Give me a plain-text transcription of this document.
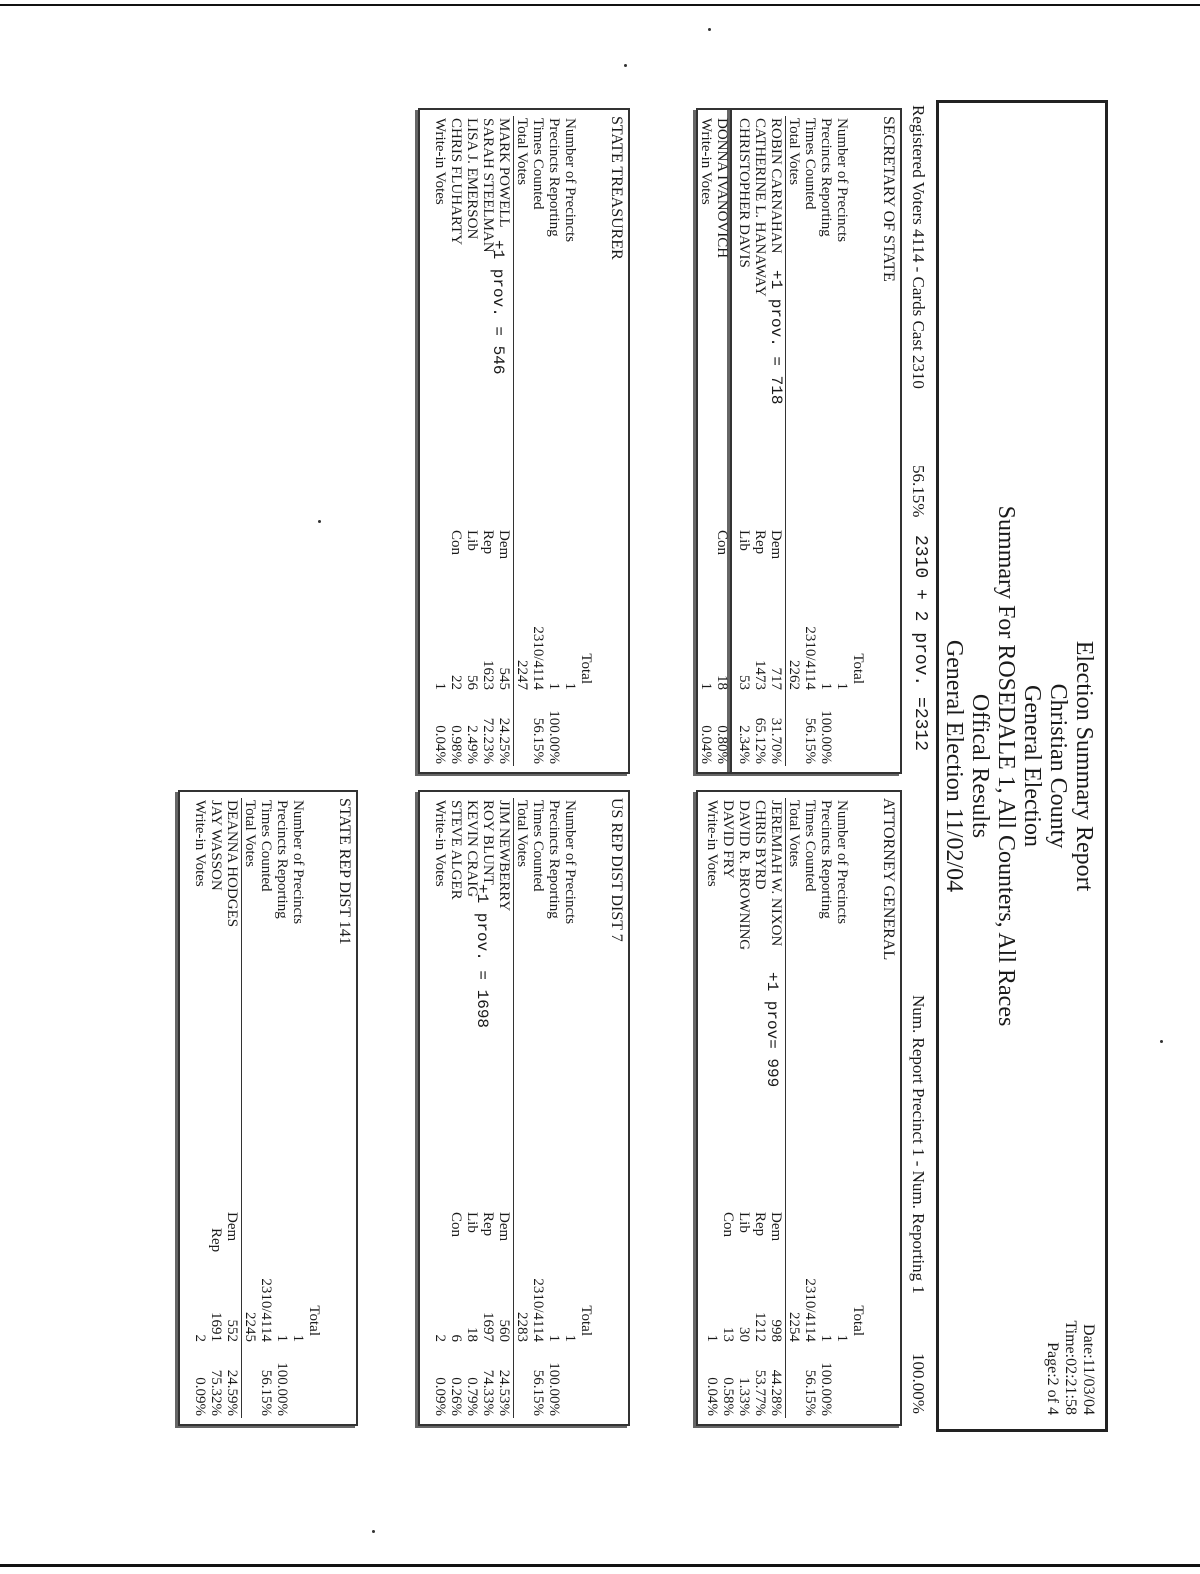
Election Summary Report
Christian County
General Election
Summary For ROSEDALE 1, All Counters, All Races
Offical Results
General Election 11/02/04
Date:11/03/04
Time:02:21:58
Page:2 of 4
Registered Voters 4114 - Cards Cast 2310
56.15%
2310 + 2 prov. =2312
Num. Report Precinct 1 - Num. Reporting 1
100.00%
SECRETARY OF STATE
Total
Number of Precincts
1
Precincts Reporting
1
100.00%
Times Counted
2310/4114
56.15%
Total Votes
2262
ROBIN CARNAHAN
+1 prov. = 718
Dem
717
31.70%
CATHERINE L. HANAWAY
Rep
1473
65.12%
CHRISTOPHER DAVIS
Lib
53
2.34%
DONNA IVANOVICH
Con
18
0.80%
Write-in Votes
1
0.04%
STATE TREASURER
Total
Number of Precincts
1
Precincts Reporting
1
100.00%
Times Counted
2310/4114
56.15%
Total Votes
2247
MARK POWELL
+1 prov. = 546
Dem
545
24.25%
SARAH STEELMAN
Rep
1623
72.23%
LISA J. EMERSON
Lib
56
2.49%
CHRIS FLUHARTY
Con
22
0.98%
Write-in Votes
1
0.04%
ATTORNEY GENERAL
Total
Number of Precincts
1
Precincts Reporting
1
100.00%
Times Counted
2310/4114
56.15%
Total Votes
2254
JEREMIAH W. NIXON
+1 prov= 999
Dem
998
44.28%
CHRIS BYRD
Rep
1212
53.77%
DAVID R. BROWNING
Lib
30
1.33%
DAVID FRY
Con
13
0.58%
Write-in Votes
1
0.04%
US REP DIST DIST 7
Total
Number of Precincts
1
Precincts Reporting
1
100.00%
Times Counted
2310/4114
56.15%
Total Votes
2283
JIM NEWBERRY
Dem
560
24.53%
ROY BLUNT
+1 prov. = 1698
Rep
1697
74.33%
KEVIN CRAIG
Lib
18
0.79%
STEVE ALGER
Con
6
0.26%
Write-in Votes
2
0.09%
STATE REP DIST 141
Total
Number of Precincts
1
Precincts Reporting
1
100.00%
Times Counted
2310/4114
56.15%
Total Votes
2245
DEANNA HODGES
Dem
552
24.59%
JAY WASSON
Rep
1691
75.32%
Write-in Votes
2
0.09%
